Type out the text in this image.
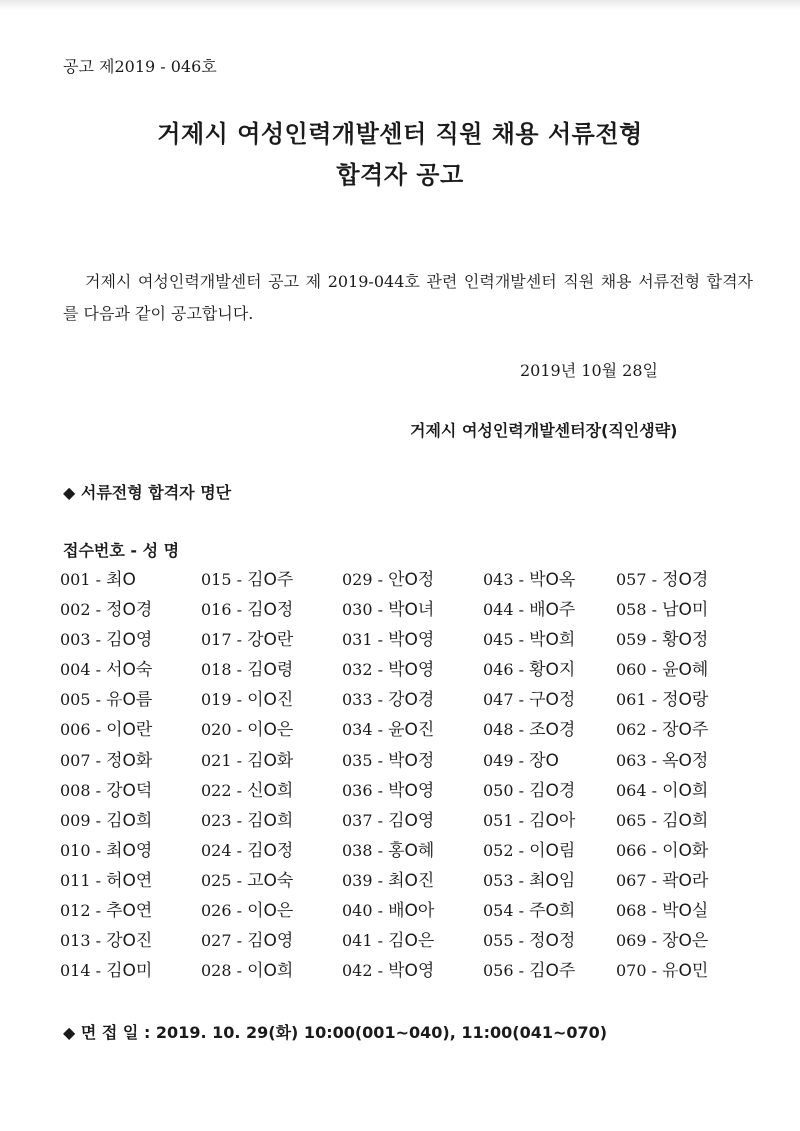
공고 제2019 - 046호
거제시 여성인력개발센터 직원 채용 서류전형
합격자 공고
거제시 여성인력개발센터 공고 제 2019-044호 관련 인력개발센터 직원 채용 서류전형 합격자를 다음과 같이 공고합니다.
2019년 10월 28일
거제시 여성인력개발센터장(직인생략)
◆ 서류전형 합격자 명단
접수번호 - 성 명
001 - 최O	015 - 김O주	029 - 안O정	043 - 박O옥	057 - 정O경
002 - 정O경	016 - 김O정	030 - 박O녀	044 - 배O주	058 - 남O미
003 - 김O영	017 - 강O란	031 - 박O영	045 - 박O희	059 - 황O정
004 - 서O숙	018 - 김O령	032 - 박O영	046 - 황O지	060 - 윤O혜
005 - 유O름	019 - 이O진	033 - 강O경	047 - 구O정	061 - 정O랑
006 - 이O란	020 - 이O은	034 - 윤O진	048 - 조O경	062 - 장O주
007 - 정O화	021 - 김O화	035 - 박O정	049 - 장O	063 - 옥O정
008 - 강O덕	022 - 신O희	036 - 박O영	050 - 김O경	064 - 이O희
009 - 김O희	023 - 김O희	037 - 김O영	051 - 김O아	065 - 김O희
010 - 최O영	024 - 김O정	038 - 홍O혜	052 - 이O림	066 - 이O화
011 - 허O연	025 - 고O숙	039 - 최O진	053 - 최O임	067 - 곽O라
012 - 추O연	026 - 이O은	040 - 배O아	054 - 주O희	068 - 박O실
013 - 강O진	027 - 김O영	041 - 김O은	055 - 정O정	069 - 장O은
014 - 김O미	028 - 이O희	042 - 박O영	056 - 김O주	070 - 유O민
◆ 면 접 일 : 2019. 10. 29(화) 10:00(001~040), 11:00(041~070)
